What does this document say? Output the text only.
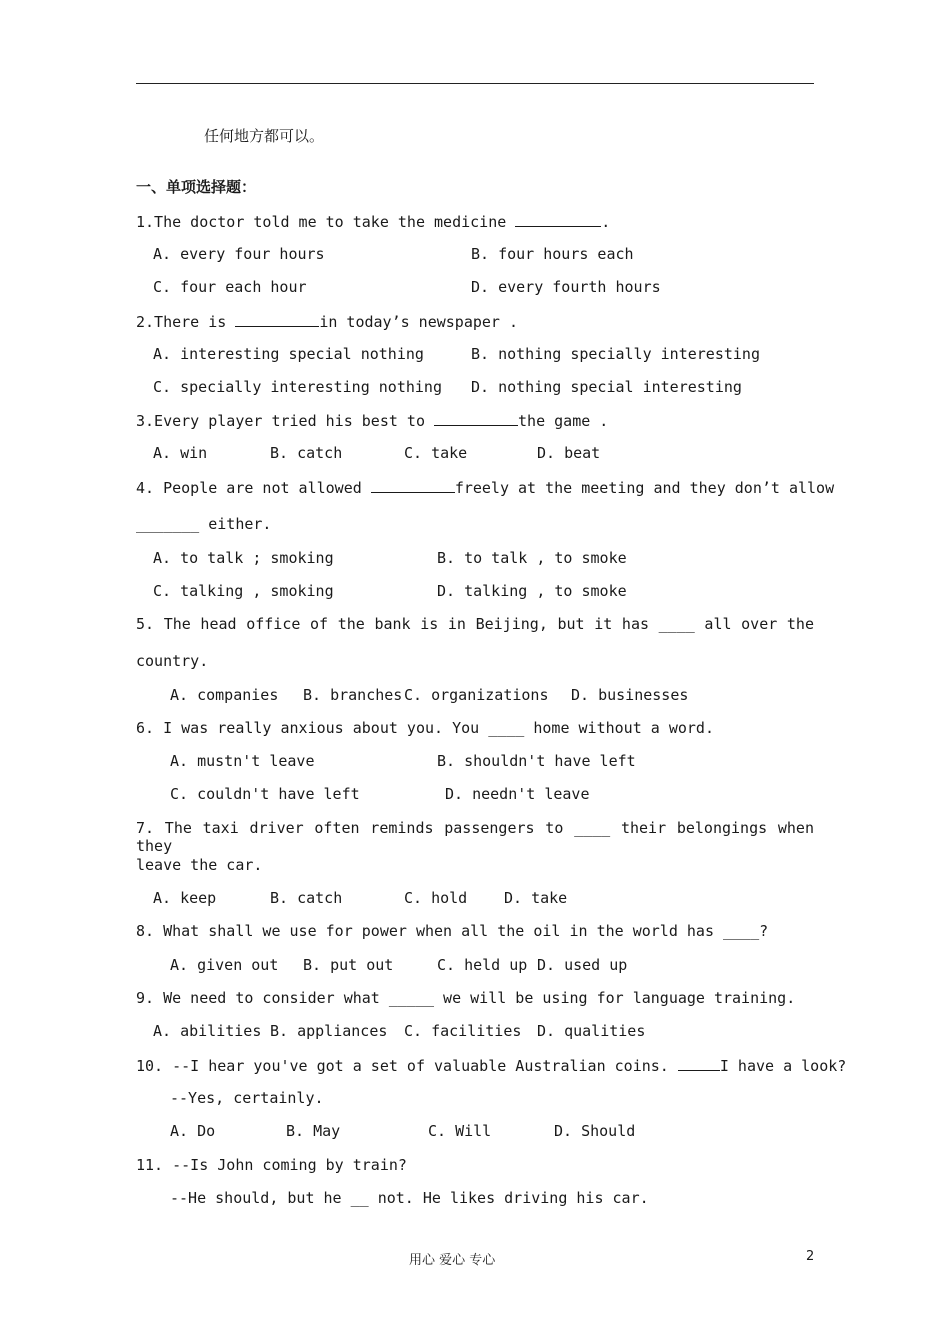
任何地方都可以。
一、单项选择题：
1.The doctor told me to take the medicine	.
A. every four hours	B. four hours each
C. four each hour	D. every fourth hours
2.There is	in today’s newspaper .
A. interesting special nothing	B. nothing specially interesting
C. specially interesting nothing D. nothing special interesting
3.Every player tried his best to	the game .
A. win	B. catch	C. take	D. beat
4. People are not allowed	freely at the meeting and they don’t allow
_______ either.
A. to talk ; smoking	B. to talk , to smoke
C. talking , smoking	D. talking , to smoke
5. The head office of the bank is in Beijing, but it has ____ all over the
country.
A. companies B. branches C. organizations D. businesses
6. I was really anxious about you. You ____ home without a word.
A. mustn't leave	B. shouldn't have left
C. couldn't have left	D. needn't leave
7. The taxi driver often reminds passengers to ____ their belongings when they
leave the car.
A. keep	B. catch	C. hold D. take
8. What shall we use for power when all the oil in the world has ____?
A. given out B. put out	C. held up D. used up
9. We need to consider what _____ we will be using for language training.
A. abilities B. appliances C. facilities D. qualities
10. --I hear you've got a set of valuable Australian coins.	I have a look?
--Yes, certainly.
A. Do	B. May	C. Will	D. Should
11. --Is John coming by train?
--He should, but he __ not. He likes driving his car.
用心 爱心 专心	2
